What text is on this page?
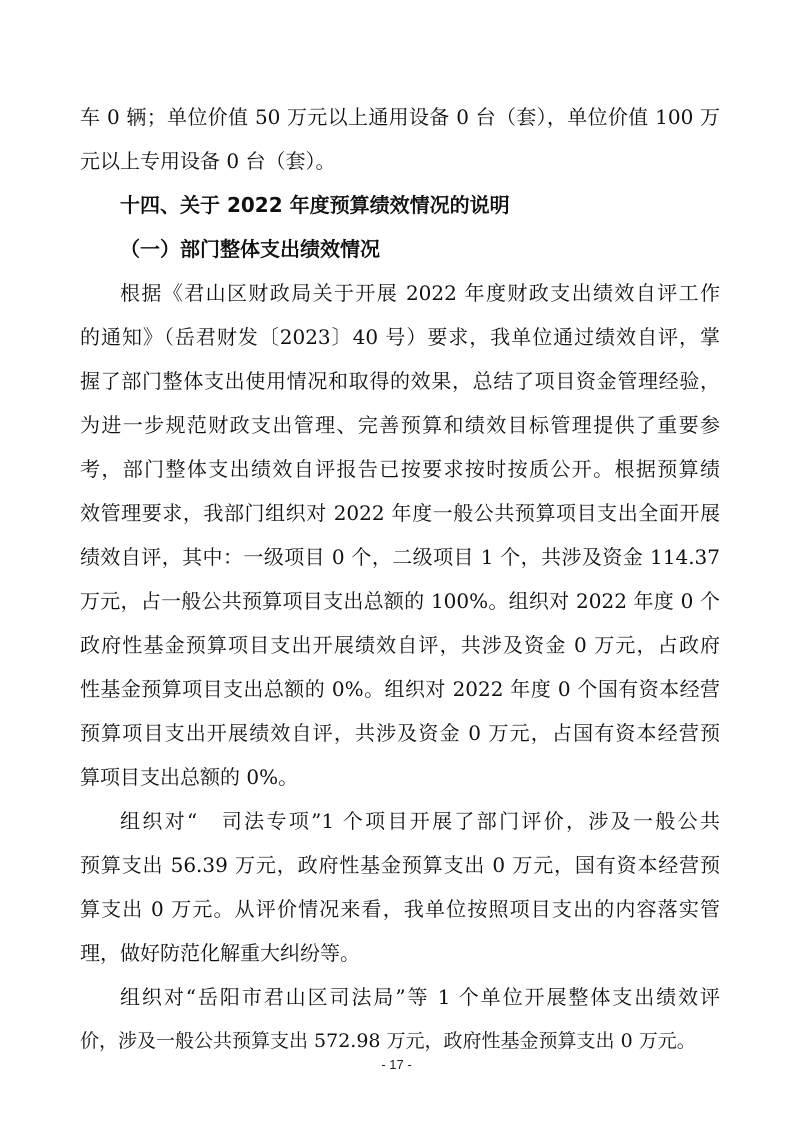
车 0 辆；单位价值 50 万元以上通用设备 0 台（套），单位价值 100 万
元以上专用设备 0 台（套）。
十四、关于 2022 年度预算绩效情况的说明
（一）部门整体支出绩效情况
根据《君山区财政局关于开展 2022 年度财政支出绩效自评工作
的通知》（岳君财发〔2023〕40 号）要求，我单位通过绩效自评，掌
握了部门整体支出使用情况和取得的效果，总结了项目资金管理经验，
为进一步规范财政支出管理、完善预算和绩效目标管理提供了重要参
考，部门整体支出绩效自评报告已按要求按时按质公开。根据预算绩
效管理要求，我部门组织对 2022 年度一般公共预算项目支出全面开展
绩效自评，其中：一级项目 0 个，二级项目 1 个，共涉及资金 114.37
万元，占一般公共预算项目支出总额的 100%。组织对 2022 年度 0 个
政府性基金预算项目支出开展绩效自评，共涉及资金 0 万元，占政府
性基金预算项目支出总额的 0%。组织对 2022 年度 0 个国有资本经营
预算项目支出开展绩效自评，共涉及资金 0 万元，占国有资本经营预
算项目支出总额的 0%。
组织对“　司法专项”1 个项目开展了部门评价，涉及一般公共
预算支出 56.39 万元，政府性基金预算支出 0 万元，国有资本经营预
算支出 0 万元。从评价情况来看，我单位按照项目支出的内容落实管
理，做好防范化解重大纠纷等。
组织对“岳阳市君山区司法局”等 1 个单位开展整体支出绩效评
价，涉及一般公共预算支出 572.98 万元，政府性基金预算支出 0 万元。
- 17 -
